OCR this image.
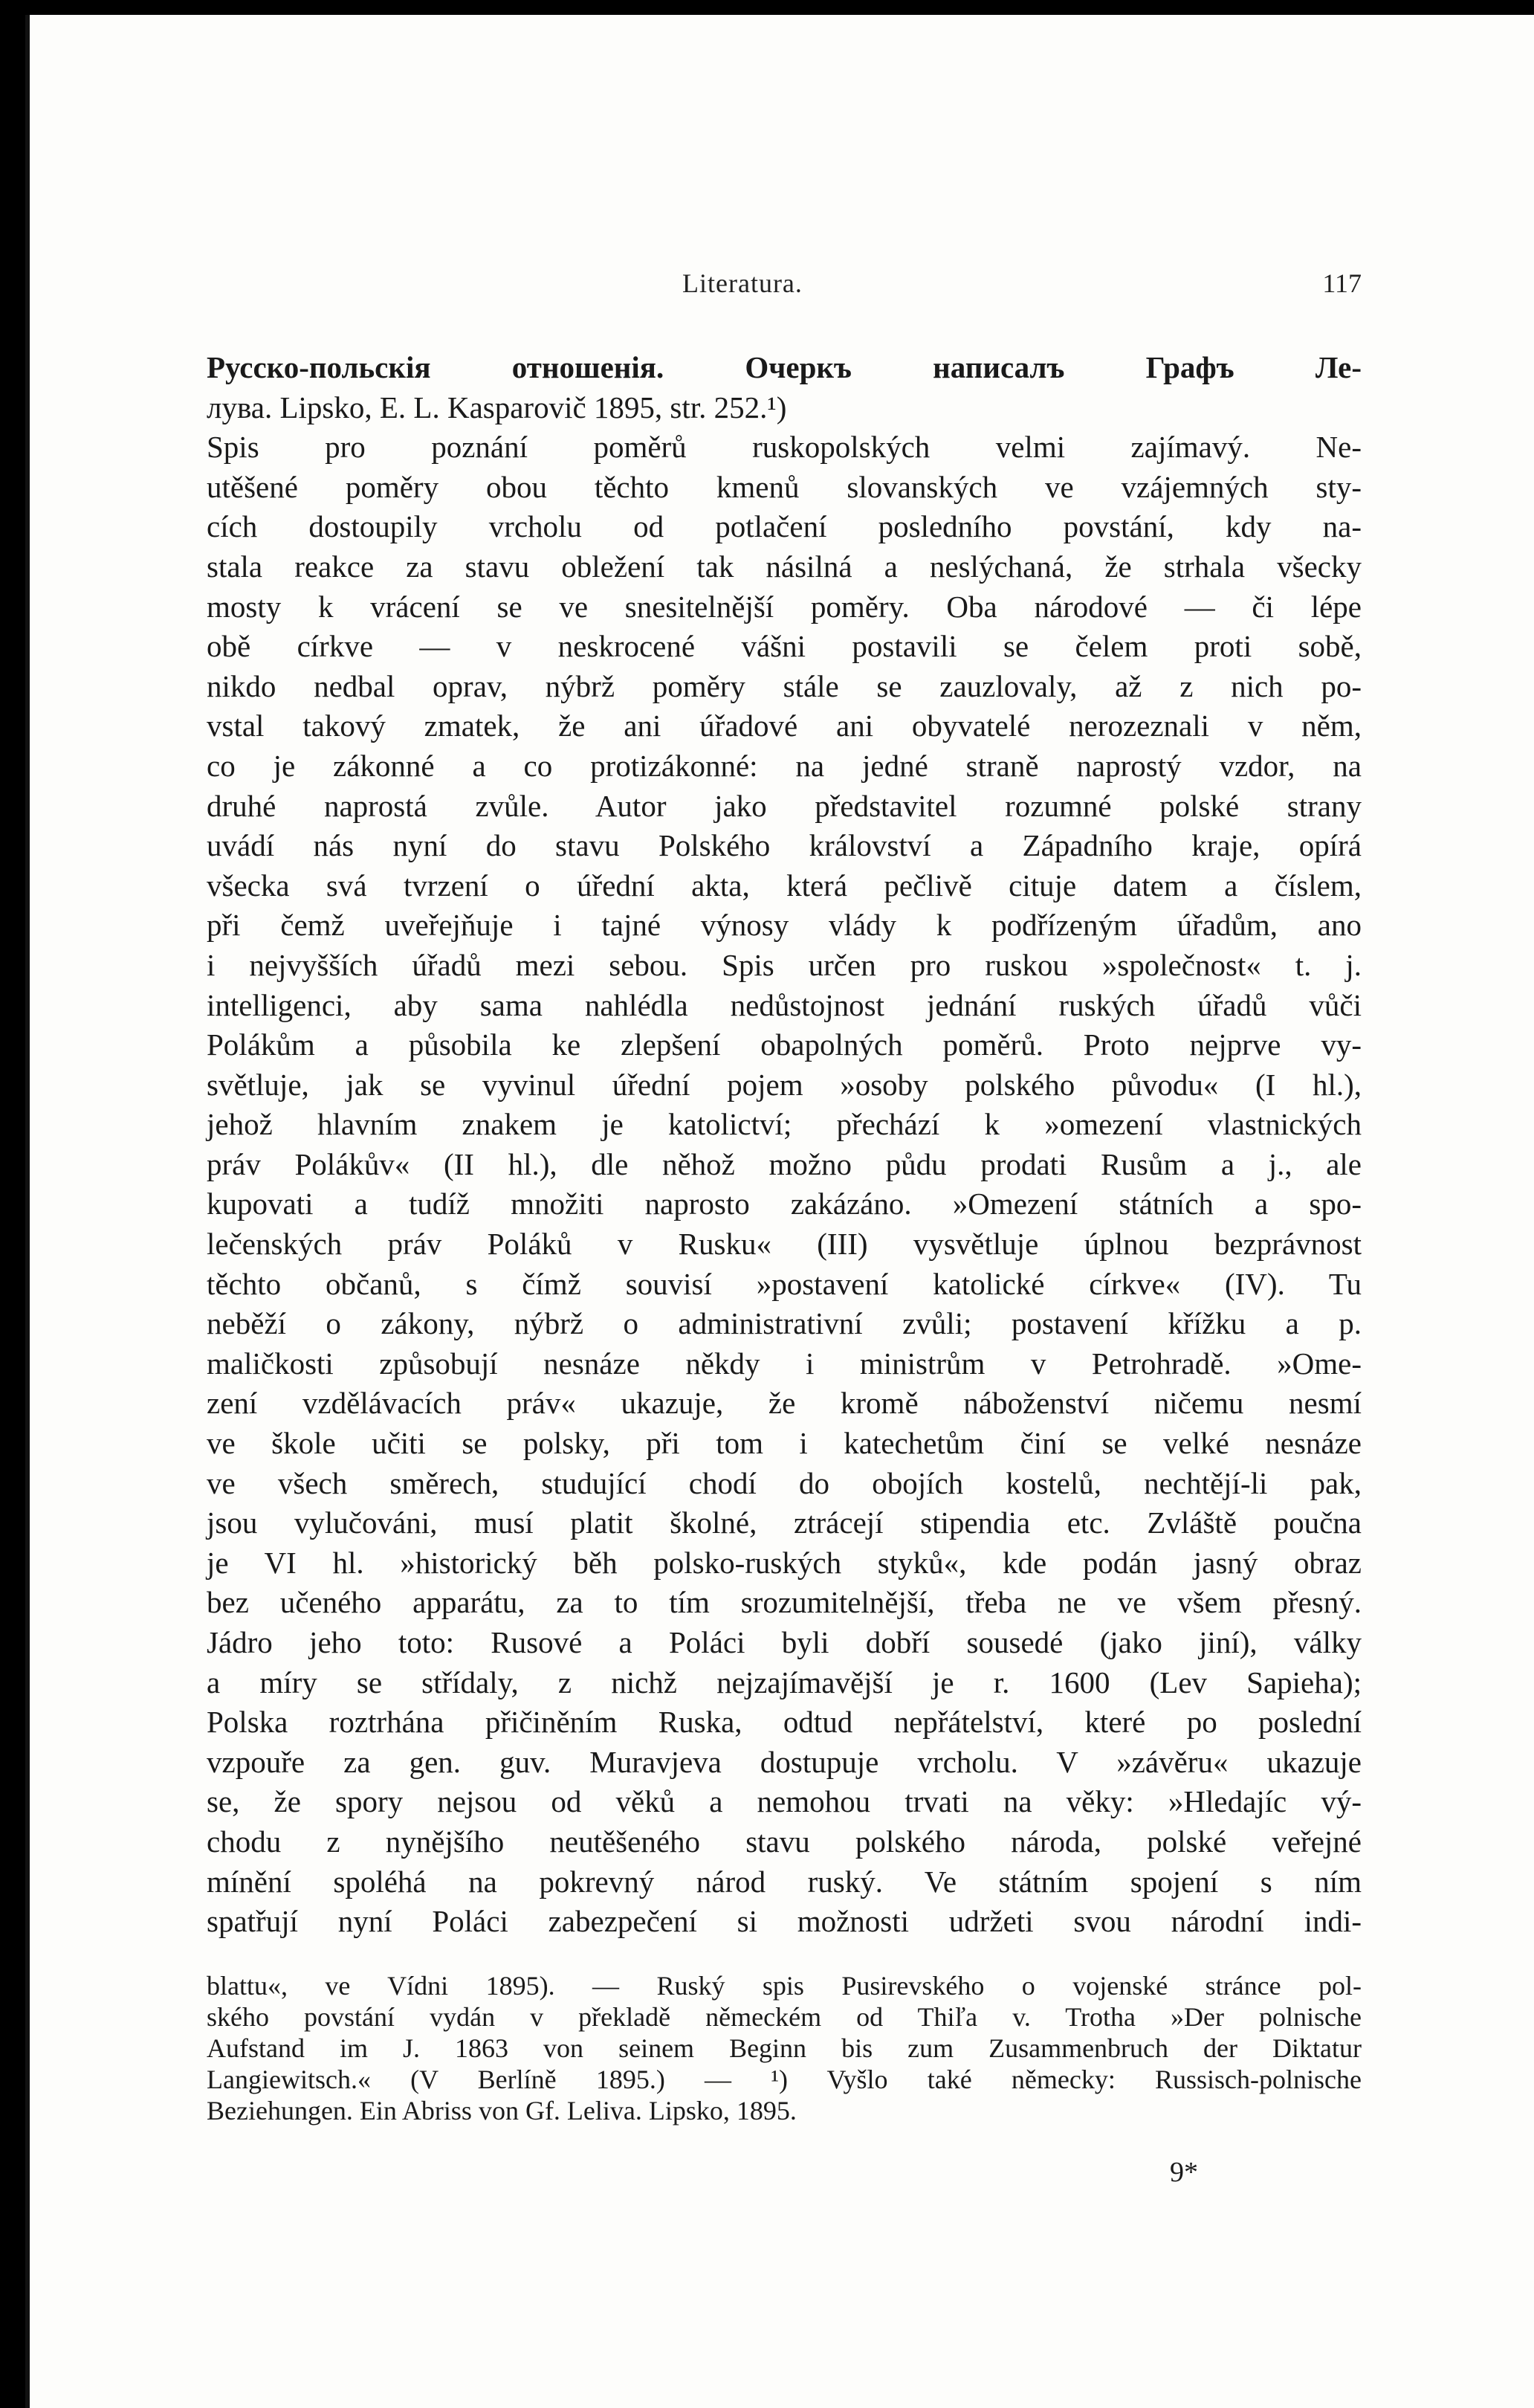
Literatura.	117
Русско-польскія отношенія. Очеркъ написалъ Графъ Ле-
лува. Lipsko, E. L. Kasparovič 1895, str. 252.¹)
Spis pro poznání poměrů ruskopolských velmi zajímavý. Ne-
utěšené poměry obou těchto kmenů slovanských ve vzájemných sty-
cích dostoupily vrcholu od potlačení posledního povstání, kdy na-
stala reakce za stavu obležení tak násilná a neslýchaná, že strhala všecky
mosty k vrácení se ve snesitelnější poměry. Oba národové — či lépe
obě církve — v neskrocené vášni postavili se čelem proti sobě,
nikdo nedbal oprav, nýbrž poměry stále se zauzlovaly, až z nich po-
vstal takový zmatek, že ani úřadové ani obyvatelé nerozeznali v něm,
co je zákonné a co protizákonné: na jedné straně naprostý vzdor, na
druhé naprostá zvůle. Autor jako představitel rozumné polské strany
uvádí nás nyní do stavu Polského království a Západního kraje, opírá
všecka svá tvrzení o úřední akta, která pečlivě cituje datem a číslem,
při čemž uveřejňuje i tajné výnosy vlády k podřízeným úřadům, ano
i nejvyšších úřadů mezi sebou. Spis určen pro ruskou »společnost« t. j.
intelligenci, aby sama nahlédla nedůstojnost jednání ruských úřadů vůči
Polákům a působila ke zlepšení obapolných poměrů. Proto nejprve vy-
světluje, jak se vyvinul úřední pojem »osoby polského původu« (I hl.),
jehož hlavním znakem je katolictví; přechází k »omezení vlastnických
práv Polákův« (II hl.), dle něhož možno půdu prodati Rusům a j., ale
kupovati a tudíž množiti naprosto zakázáno. »Omezení státních a spo-
lečenských práv Poláků v Rusku« (III) vysvětluje úplnou bezprávnost
těchto občanů, s čímž souvisí »postavení katolické církve« (IV). Tu
neběží o zákony, nýbrž o administrativní zvůli; postavení křížku a p.
maličkosti způsobují nesnáze někdy i ministrům v Petrohradě. »Ome-
zení vzdělávacích práv« ukazuje, že kromě náboženství ničemu nesmí
ve škole učiti se polsky, při tom i katechetům činí se velké nesnáze
ve všech směrech, studující chodí do obojích kostelů, nechtějí-li pak,
jsou vylučováni, musí platit školné, ztrácejí stipendia etc. Zvláště poučna
je VI hl. »historický běh polsko-ruských styků«, kde podán jasný obraz
bez učeného apparátu, za to tím srozumitelnější, třeba ne ve všem přesný.
Jádro jeho toto: Rusové a Poláci byli dobří sousedé (jako jiní), války
a míry se střídaly, z nichž nejzajímavější je r. 1600 (Lev Sapieha);
Polska roztrhána přičiněním Ruska, odtud nepřátelství, které po poslední
vzpouře za gen. guv. Muravjeva dostupuje vrcholu. V »závěru« ukazuje
se, že spory nejsou od věků a nemohou trvati na věky: »Hledajíc vý-
chodu z nynějšího neutěšeného stavu polského národa, polské veřejné
mínění spoléhá na pokrevný národ ruský. Ve státním spojení s ním
spatřují nyní Poláci zabezpečení si možnosti udržeti svou národní indi-
blattu«, ve Vídni 1895). — Ruský spis Pusirevského o vojenské stránce pol-
ského povstání vydán v překladě německém od Thiľa v. Trotha »Der polnische
Aufstand im J. 1863 von seinem Beginn bis zum Zusammenbruch der Diktatur
Langiewitsch.« (V Berlíně 1895.) — ¹) Vyšlo také německy: Russisch-polnische
Beziehungen. Ein Abriss von Gf. Leliva. Lipsko, 1895.
9*
